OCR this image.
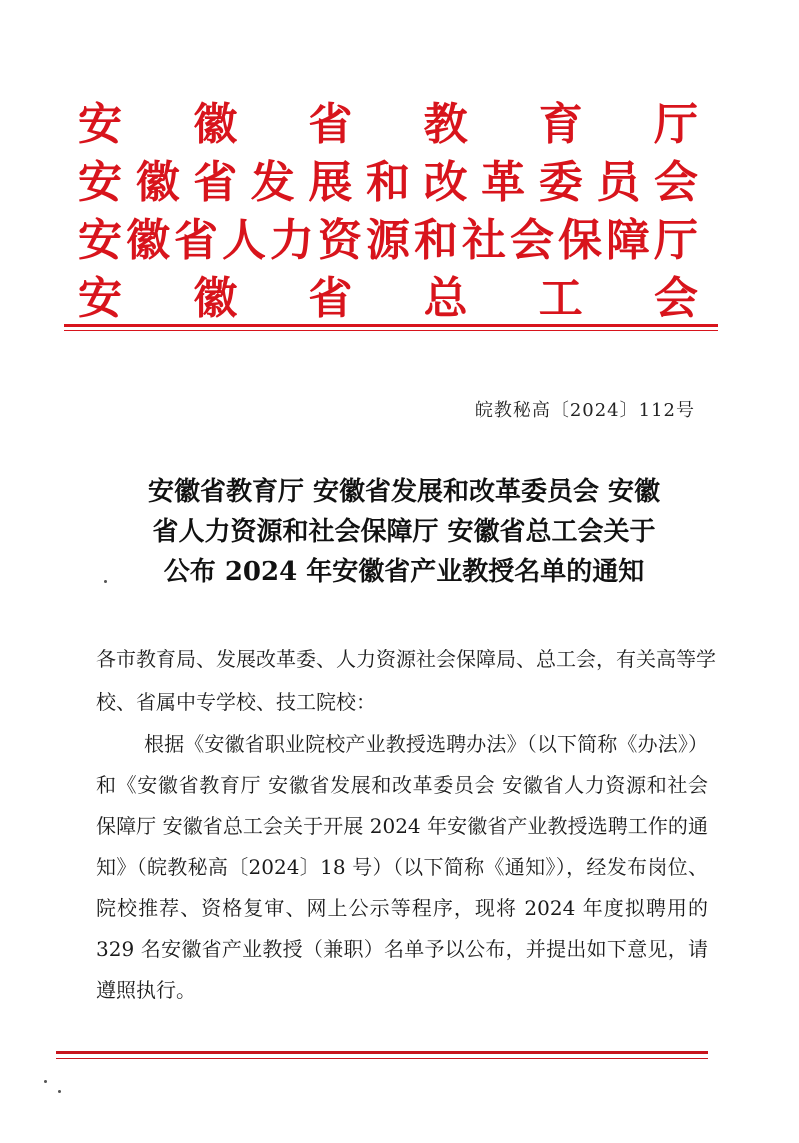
安 徽 省 教 育 厅
安 徽 省 发 展 和 改 革 委 员 会
安 徽 省 人 力 资 源 和 社 会 保 障 厅
安 徽 省 总 工 会
皖教秘高〔2024〕112号
安徽省教育厅 安徽省发展和改革委员会 安徽
省人力资源和社会保障厅 安徽省总工会关于
公布 2024 年安徽省产业教授名单的通知
各市教育局、发展改革委、人力资源社会保障局、总工会，有关高等学校、省属中专学校、技工院校：
根据《安徽省职业院校产业教授选聘办法》（以下简称《办法》）和《安徽省教育厅 安徽省发展和改革委员会 安徽省人力资源和社会保障厅 安徽省总工会关于开展 2024 年安徽省产业教授选聘工作的通知》（皖教秘高〔2024〕18 号）（以下简称《通知》），经发布岗位、院校推荐、资格复审、网上公示等程序，现将 2024 年度拟聘用的 329 名安徽省产业教授（兼职）名单予以公布，并提出如下意见，请遵照执行。
